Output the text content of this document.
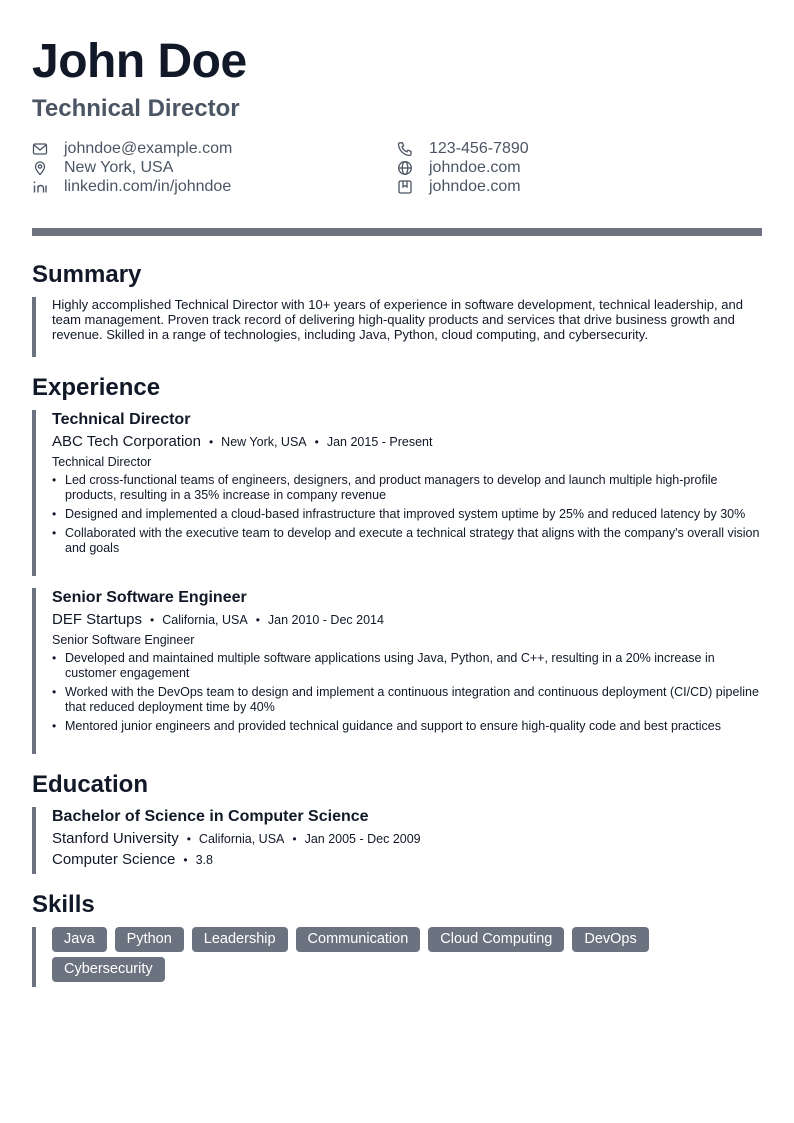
John Doe
Technical Director
johndoe@example.com
New York, USA
linkedin.com/in/johndoe
123-456-7890
johndoe.com
johndoe.com
Summary
Highly accomplished Technical Director with 10+ years of experience in software development, technical leadership, and team management. Proven track record of delivering high-quality products and services that drive business growth and revenue. Skilled in a range of technologies, including Java, Python, cloud computing, and cybersecurity.
Experience
Technical Director
ABC Tech Corporation • New York, USA • Jan 2015 - Present
Technical Director
• Led cross-functional teams of engineers, designers, and product managers to develop and launch multiple high-profile products, resulting in a 35% increase in company revenue
• Designed and implemented a cloud-based infrastructure that improved system uptime by 25% and reduced latency by 30%
• Collaborated with the executive team to develop and execute a technical strategy that aligns with the company's overall vision and goals
Senior Software Engineer
DEF Startups • California, USA • Jan 2010 - Dec 2014
Senior Software Engineer
• Developed and maintained multiple software applications using Java, Python, and C++, resulting in a 20% increase in customer engagement
• Worked with the DevOps team to design and implement a continuous integration and continuous deployment (CI/CD) pipeline that reduced deployment time by 40%
• Mentored junior engineers and provided technical guidance and support to ensure high-quality code and best practices
Education
Bachelor of Science in Computer Science
Stanford University • California, USA • Jan 2005 - Dec 2009
Computer Science • 3.8
Skills
Java	Python	Leadership	Communication	Cloud Computing	DevOps
Cybersecurity
